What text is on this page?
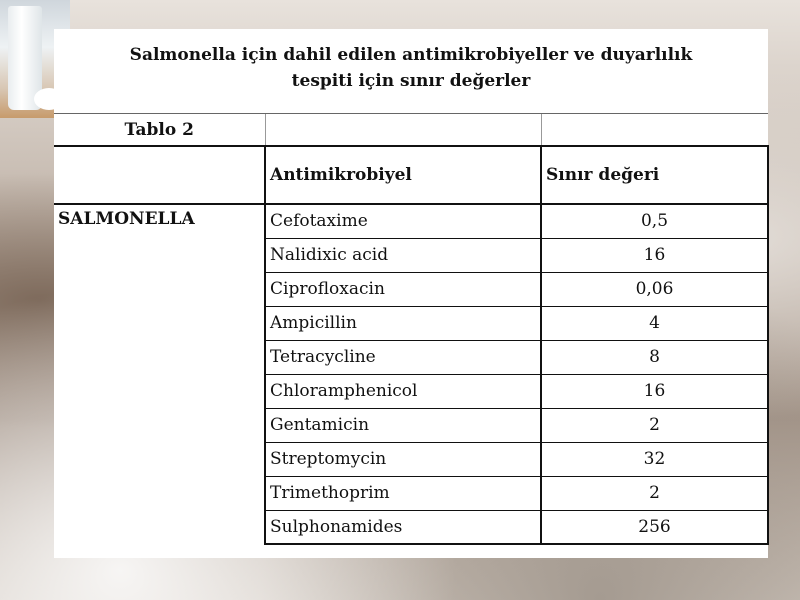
Salmonella için dahil edilen antimikrobiyeller ve duyarlılık
tespiti için sınır değerler
Tablo 2		
	Antimikrobiyel	Sınır değeri
SALMONELLA	Cefotaxime	0,5
	Nalidixic acid	16
	Ciprofloxacin	0,06
	Ampicillin	4
	Tetracycline	8
	Chloramphenicol	16
	Gentamicin	2
	Streptomycin	32
	Trimethoprim	2
	Sulphonamides	256
